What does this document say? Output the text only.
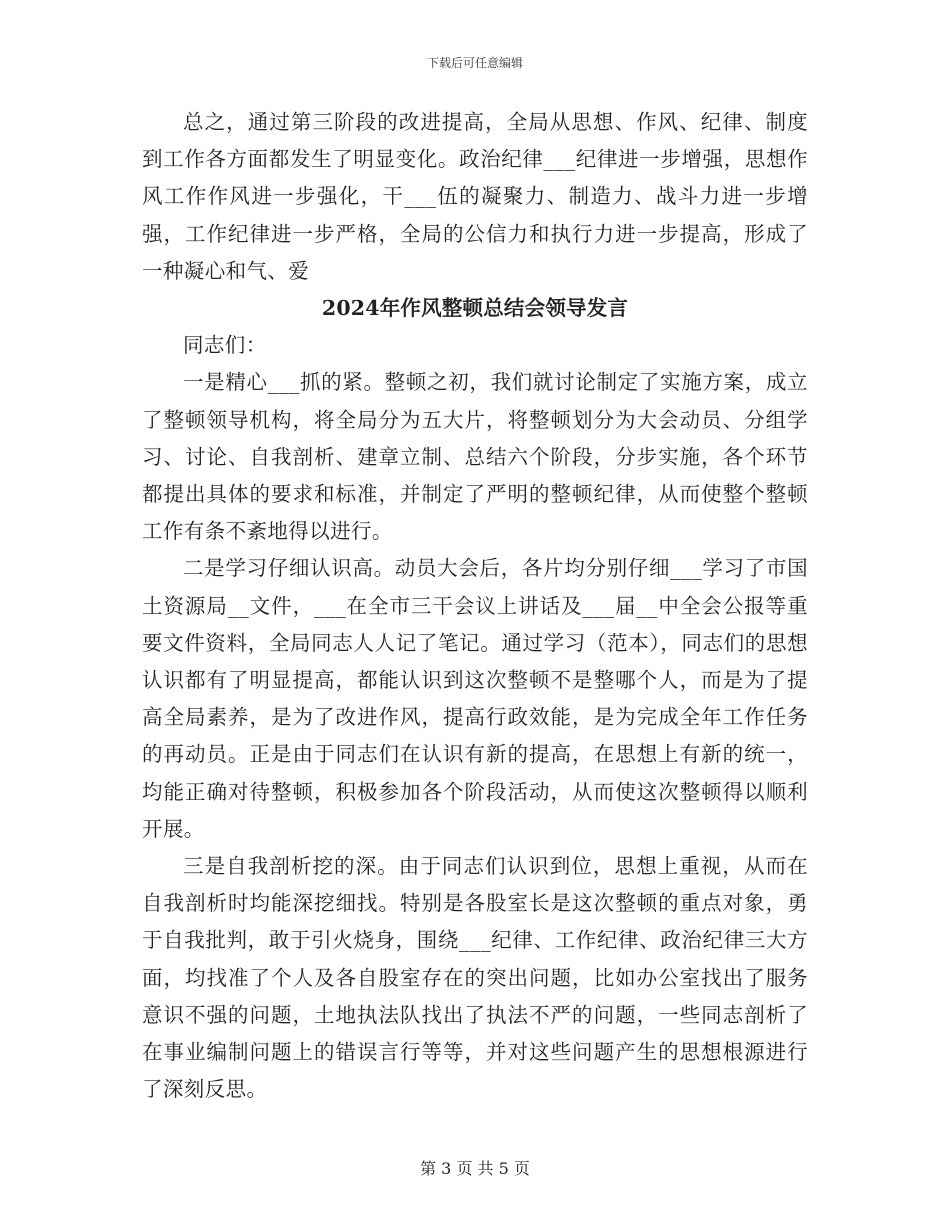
下载后可任意编辑

总之，通过第三阶段的改进提高，全局从思想、作风、纪律、制度到工作各方面都发生了明显变化。政治纪律___纪律进一步增强，思想作风工作作风进一步强化，干___伍的凝聚力、制造力、战斗力进一步增强，工作纪律进一步严格，全局的公信力和执行力进一步提高，形成了一种凝心和气、爱

2024年作风整顿总结会领导发言

同志们：

一是精心___抓的紧。整顿之初，我们就讨论制定了实施方案，成立了整顿领导机构，将全局分为五大片，将整顿划分为大会动员、分组学习、讨论、自我剖析、建章立制、总结六个阶段，分步实施，各个环节都提出具体的要求和标准，并制定了严明的整顿纪律，从而使整个整顿工作有条不紊地得以进行。

二是学习仔细认识高。动员大会后，各片均分别仔细___学习了市国土资源局__文件，___在全市三干会议上讲话及___届__中全会公报等重要文件资料，全局同志人人记了笔记。通过学习（范本），同志们的思想认识都有了明显提高，都能认识到这次整顿不是整哪个人，而是为了提高全局素养，是为了改进作风，提高行政效能，是为完成全年工作任务的再动员。正是由于同志们在认识有新的提高，在思想上有新的统一，均能正确对待整顿，积极参加各个阶段活动，从而使这次整顿得以顺利开展。

三是自我剖析挖的深。由于同志们认识到位，思想上重视，从而在自我剖析时均能深挖细找。特别是各股室长是这次整顿的重点对象，勇于自我批判，敢于引火烧身，围绕___纪律、工作纪律、政治纪律三大方面，均找准了个人及各自股室存在的突出问题，比如办公室找出了服务意识不强的问题，土地执法队找出了执法不严的问题，一些同志剖析了在事业编制问题上的错误言行等等，并对这些问题产生的思想根源进行了深刻反思。

第 3 页 共 5 页
